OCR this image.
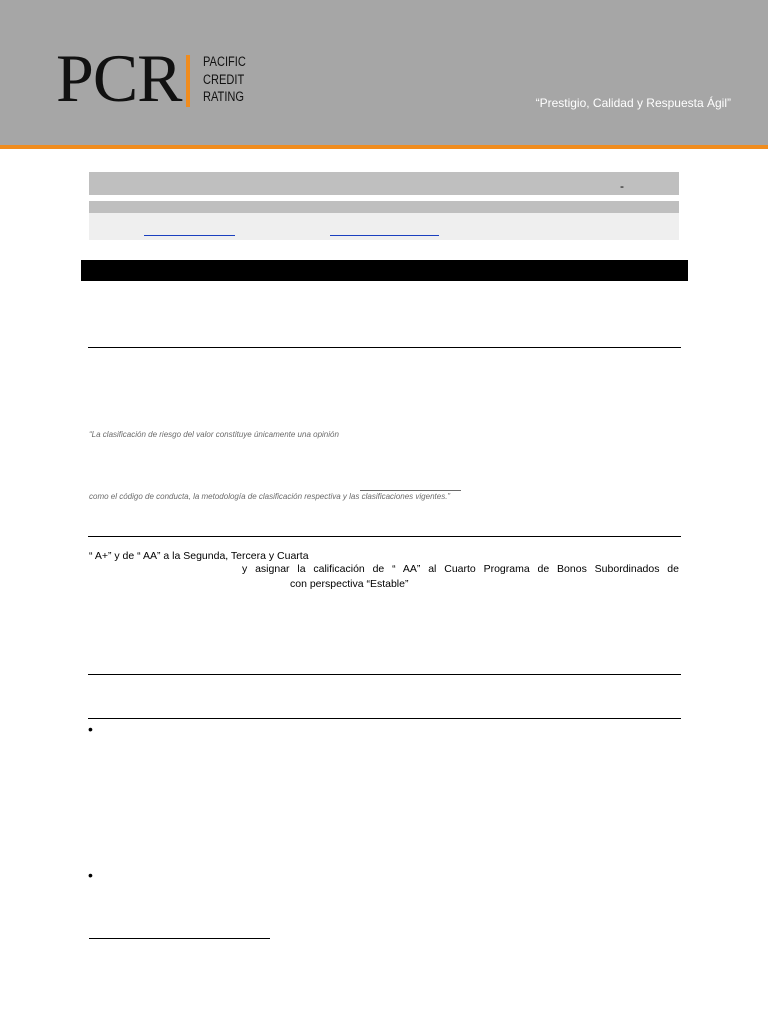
PCR PACIFIC
CREDIT
RATING	“Prestigio, Calidad y Respuesta Ágil”
-
“La clasificación de riesgo del valor constituye únicamente una opinión
como el código de conducta, la metodología de clasificación respectiva y las clasificaciones vigentes.”
“ A+” y de “ AA” a la Segunda, Tercera y Cuarta
y asignar la calificación de “ AA” al Cuarto Programa de Bonos Subordinados de
con perspectiva “Estable”
•
•
